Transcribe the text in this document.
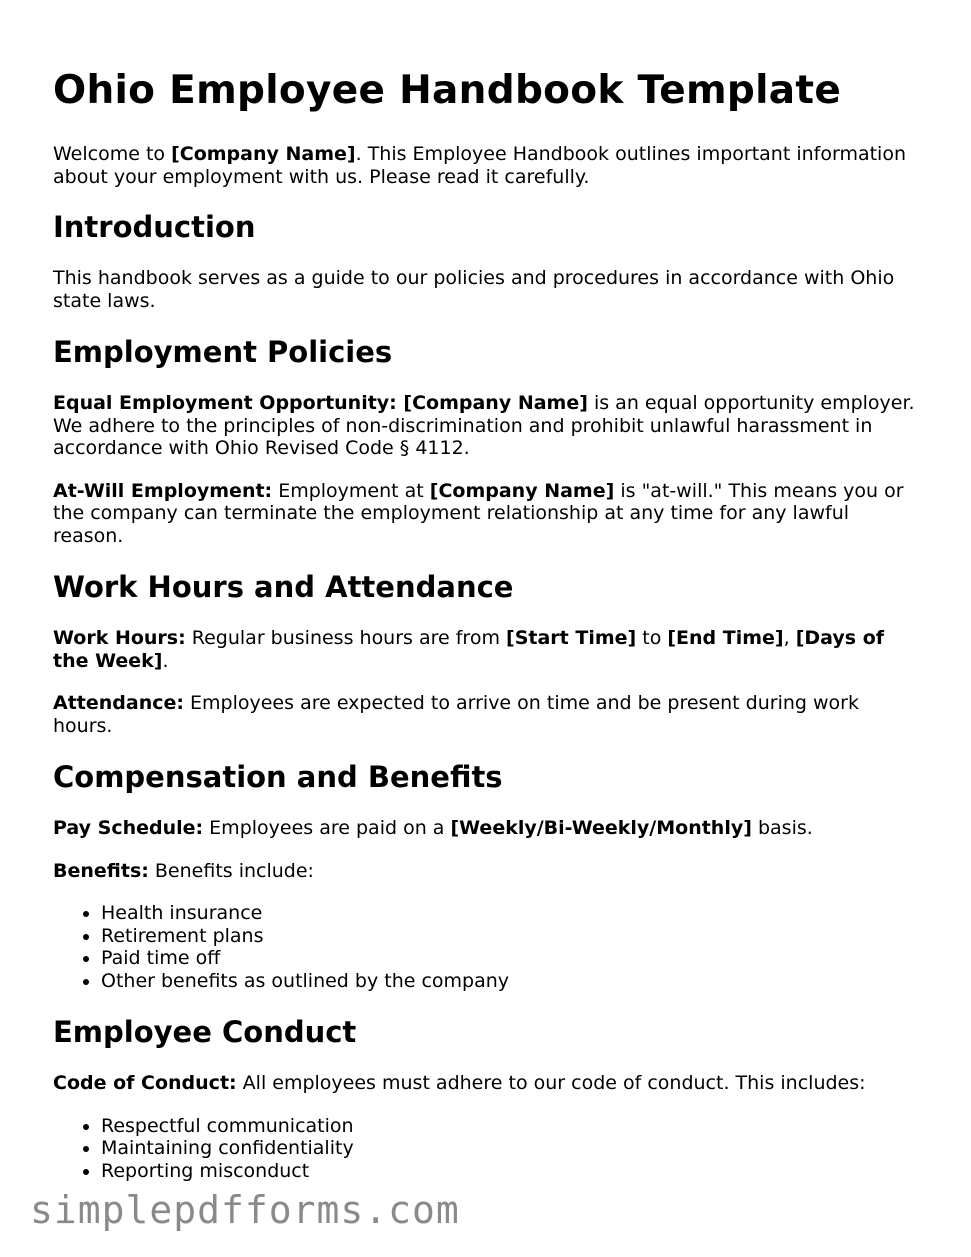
Ohio Employee Handbook Template

Welcome to [Company Name]. This Employee Handbook outlines important information about your employment with us. Please read it carefully.

Introduction

This handbook serves as a guide to our policies and procedures in accordance with Ohio state laws.

Employment Policies

Equal Employment Opportunity: [Company Name] is an equal opportunity employer. We adhere to the principles of non-discrimination and prohibit unlawful harassment in accordance with Ohio Revised Code § 4112.

At-Will Employment: Employment at [Company Name] is "at-will." This means you or the company can terminate the employment relationship at any time for any lawful reason.

Work Hours and Attendance

Work Hours: Regular business hours are from [Start Time] to [End Time], [Days of the Week].

Attendance: Employees are expected to arrive on time and be present during work hours.

Compensation and Benefits

Pay Schedule: Employees are paid on a [Weekly/Bi-Weekly/Monthly] basis.

Benefits: Benefits include:

• Health insurance
• Retirement plans
• Paid time off
• Other benefits as outlined by the company
Employee Conduct

Code of Conduct: All employees must adhere to our code of conduct. This includes:

• Respectful communication
• Maintaining confidentiality
• Reporting misconduct
simplepdfforms.com
